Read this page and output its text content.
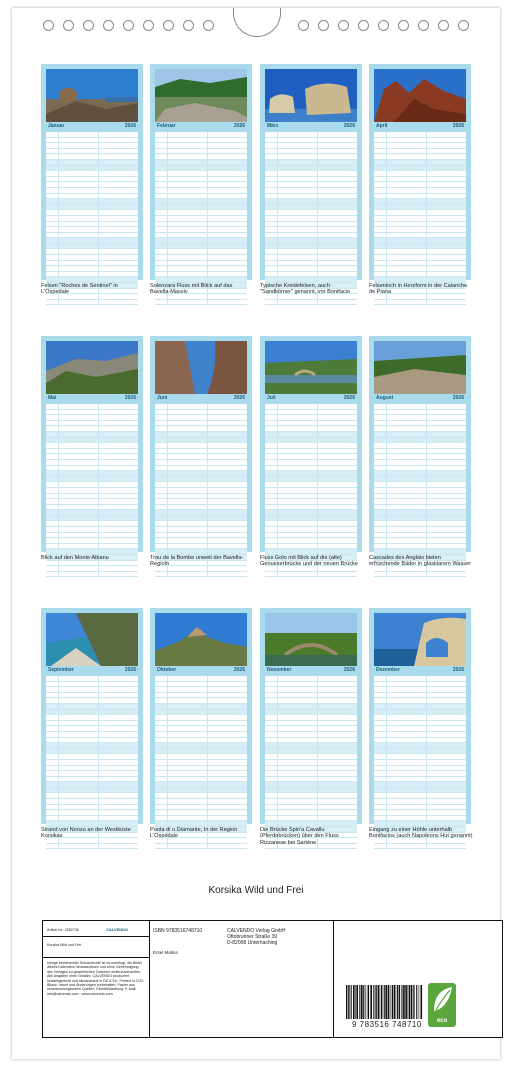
Januar	2026
Felsen "Roches de Sentinel" in L'Ospedale
Februar	2026
Solenzara Fluss mit Blick auf das Bavella-Massiv
März	2026
Typische Kreidefelsen, auch "Sandkörner" genannt, vor Bonifacio
April	2026
Felsenloch in Herzform in der Calanche de Piana
Mai	2026
Blick auf den Monte Albanu
Juni	2026
Trou de la Bombe unweit der Bavella-Regioln
Juli	2026
Fluss Golo mit Blick auf die (alte) Genueserbrücke und der neuen Brücke
August	2026
Cascades des Anglais bieten erfrischende Bäder in glasklarem Wasser
September	2026
Strand von Nonza an der Westküste Korsikas
Oktober	2026
Punta di u Diamante, In der Region L'Ospédale
November	2026
Die Brücke Spin'a Cavallu (Pferdebrücken) über den Fluss Rizzanese bei Sartène
Dezember	2026
Eingang zu einer Höhle unterhalb Bonifacios (auch Napoleons Hut genannt)
Korsika Wild und Frei
Artikel-Nr.: 2282736	CALVENDO
Korsika Wild und Frei
Infolge bestehender Schutzrechte ist es unbefugt, die Bilder dieses Kalenders herauszulösen und ohne Genehmigung des Verlages zu gewerblichen Zwecken weiterzuverwerten. Alle Angaben ohne Gewähr. CALVENDO produziert bedarfsgerecht und klimaneutral in DE & EU. Printed in CO2-Bilanz. Irrtum und Änderungen vorbehalten. Papier aus verantwortungsvollen Quellen. Einzelbildzeilung. E-Mail: info@calvendo.com · www.calvendo.com
ISBN 9783516748710
Ersel Malms
CALVENDO Verlag GmbH
Ottobrunner Straße 39
D-82008 Unterhaching
9 783516 748710	eco
